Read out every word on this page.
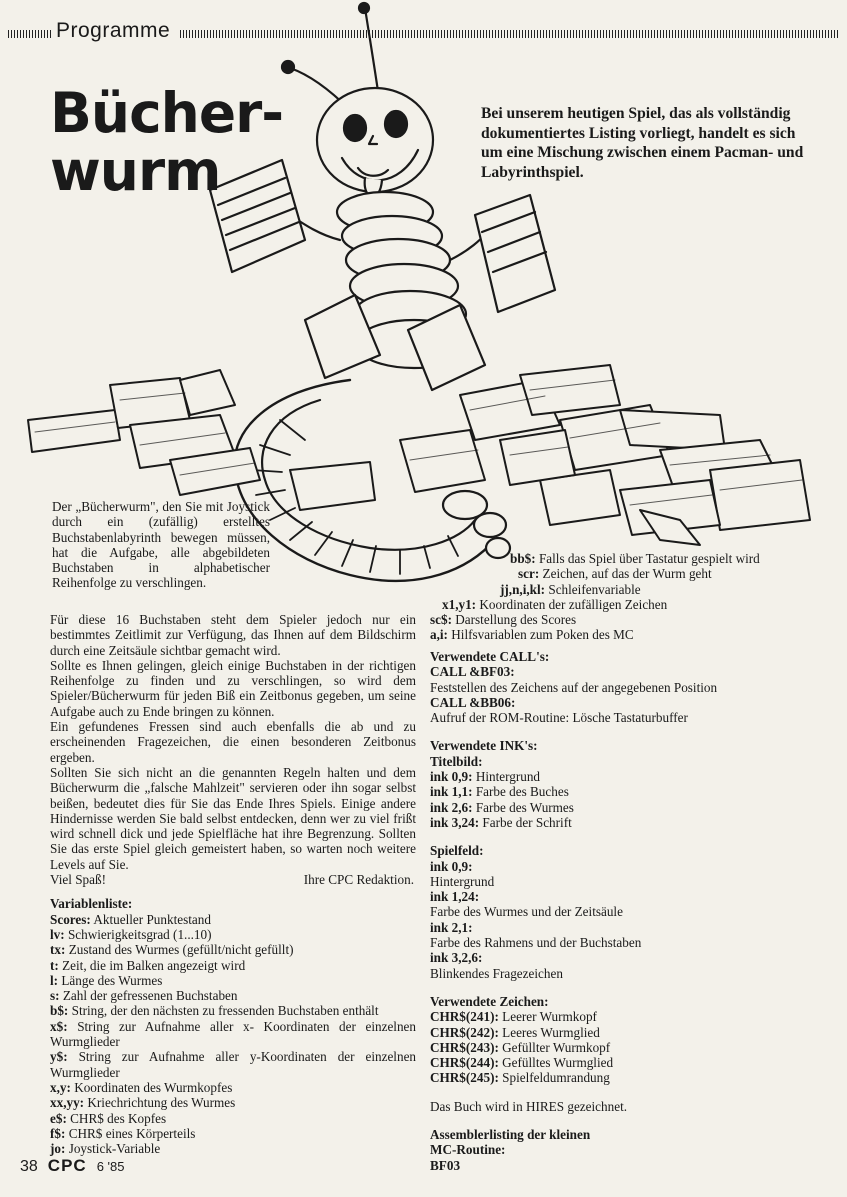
Programme
Bücher-
wurm
Bei unserem heutigen Spiel, das als vollständig dokumentiertes Listing vorliegt, handelt es sich um eine Mischung zwischen einem Pacman- und Labyrinthspiel.

Der „Bücherwurm", den Sie mit Joystick durch ein (zufällig) erstelltes Buchstabenlabyrinth bewegen müssen, hat die Aufgabe, alle abgebildeten Buchstaben in alphabetischer Reihenfolge zu verschlingen.

Für diese 16 Buchstaben steht dem Spieler jedoch nur ein bestimmtes Zeitlimit zur Verfügung, das Ihnen auf dem Bildschirm durch eine Zeitsäule sichtbar gemacht wird.

Sollte es Ihnen gelingen, gleich einige Buchstaben in der richtigen Reihenfolge zu finden und zu verschlingen, so wird dem Spieler/Bücherwurm für jeden Biß ein Zeitbonus gegeben, um seine Aufgabe auch zu Ende bringen zu können.

Ein gefundenes Fressen sind auch ebenfalls die ab und zu erscheinenden Fragezeichen, die einen besonderen Zeitbonus ergeben.

Sollten Sie sich nicht an die genannten Regeln halten und dem Bücherwurm die „falsche Mahlzeit" servieren oder ihn sogar selbst beißen, bedeutet dies für Sie das Ende Ihres Spiels. Einige andere Hindernisse werden Sie bald selbst entdecken, denn wer zu viel frißt wird schnell dick und jede Spielfläche hat ihre Begrenzung. Sollten Sie das erste Spiel gleich gemeistert haben, so warten noch weitere Levels auf Sie.

Viel Spaß!	Ihre CPC Redaktion.
Variablenliste:
Scores: Aktueller Punktestand
lv: Schwierigkeitsgrad (1...10)
tx: Zustand des Wurmes (gefüllt/nicht gefüllt)
t: Zeit, die im Balken angezeigt wird
l: Länge des Wurmes
s: Zahl der gefressenen Buchstaben
b$: String, der den nächsten zu fressenden Buchstaben enthält
x$: String zur Aufnahme aller x- Koordinaten der einzelnen Wurmglieder
y$: String zur Aufnahme aller y-Koordinaten der einzelnen Wurmglieder
x,y: Koordinaten des Wurmkopfes
xx,yy: Kriechrichtung des Wurmes
e$: CHR$ des Kopfes
f$: CHR$ eines Körperteils
jo: Joystick-Variable
bb$: Falls das Spiel über Tastatur gespielt wird
scr: Zeichen, auf das der Wurm geht
jj,n,i,kl: Schleifenvariable
x1,y1: Koordinaten der zufälligen Zeichen
sc$: Darstellung des Scores
a,i: Hilfsvariablen zum Poken des MC
Verwendete CALL's:
CALL &BF03:
Feststellen des Zeichens auf der angegebenen Position
CALL &BB06:
Aufruf der ROM-Routine: Lösche Tastaturbuffer
Verwendete INK's:
Titelbild:
ink 0,9: Hintergrund
ink 1,1: Farbe des Buches
ink 2,6: Farbe des Wurmes
ink 3,24: Farbe der Schrift
Spielfeld:
ink 0,9:
Hintergrund
ink 1,24:
Farbe des Wurmes und der Zeitsäule
ink 2,1:
Farbe des Rahmens und der Buchstaben
ink 3,2,6:
Blinkendes Fragezeichen
Verwendete Zeichen:
CHR$(241): Leerer Wurmkopf
CHR$(242): Leeres Wurmglied
CHR$(243): Gefüllter Wurmkopf
CHR$(244): Gefülltes Wurmglied
CHR$(245): Spielfeldumrandung
Das Buch wird in HIRES gezeichnet.
Assemblerlisting der kleinen
MC-Routine:
BF03
38 CPC 6 '85
